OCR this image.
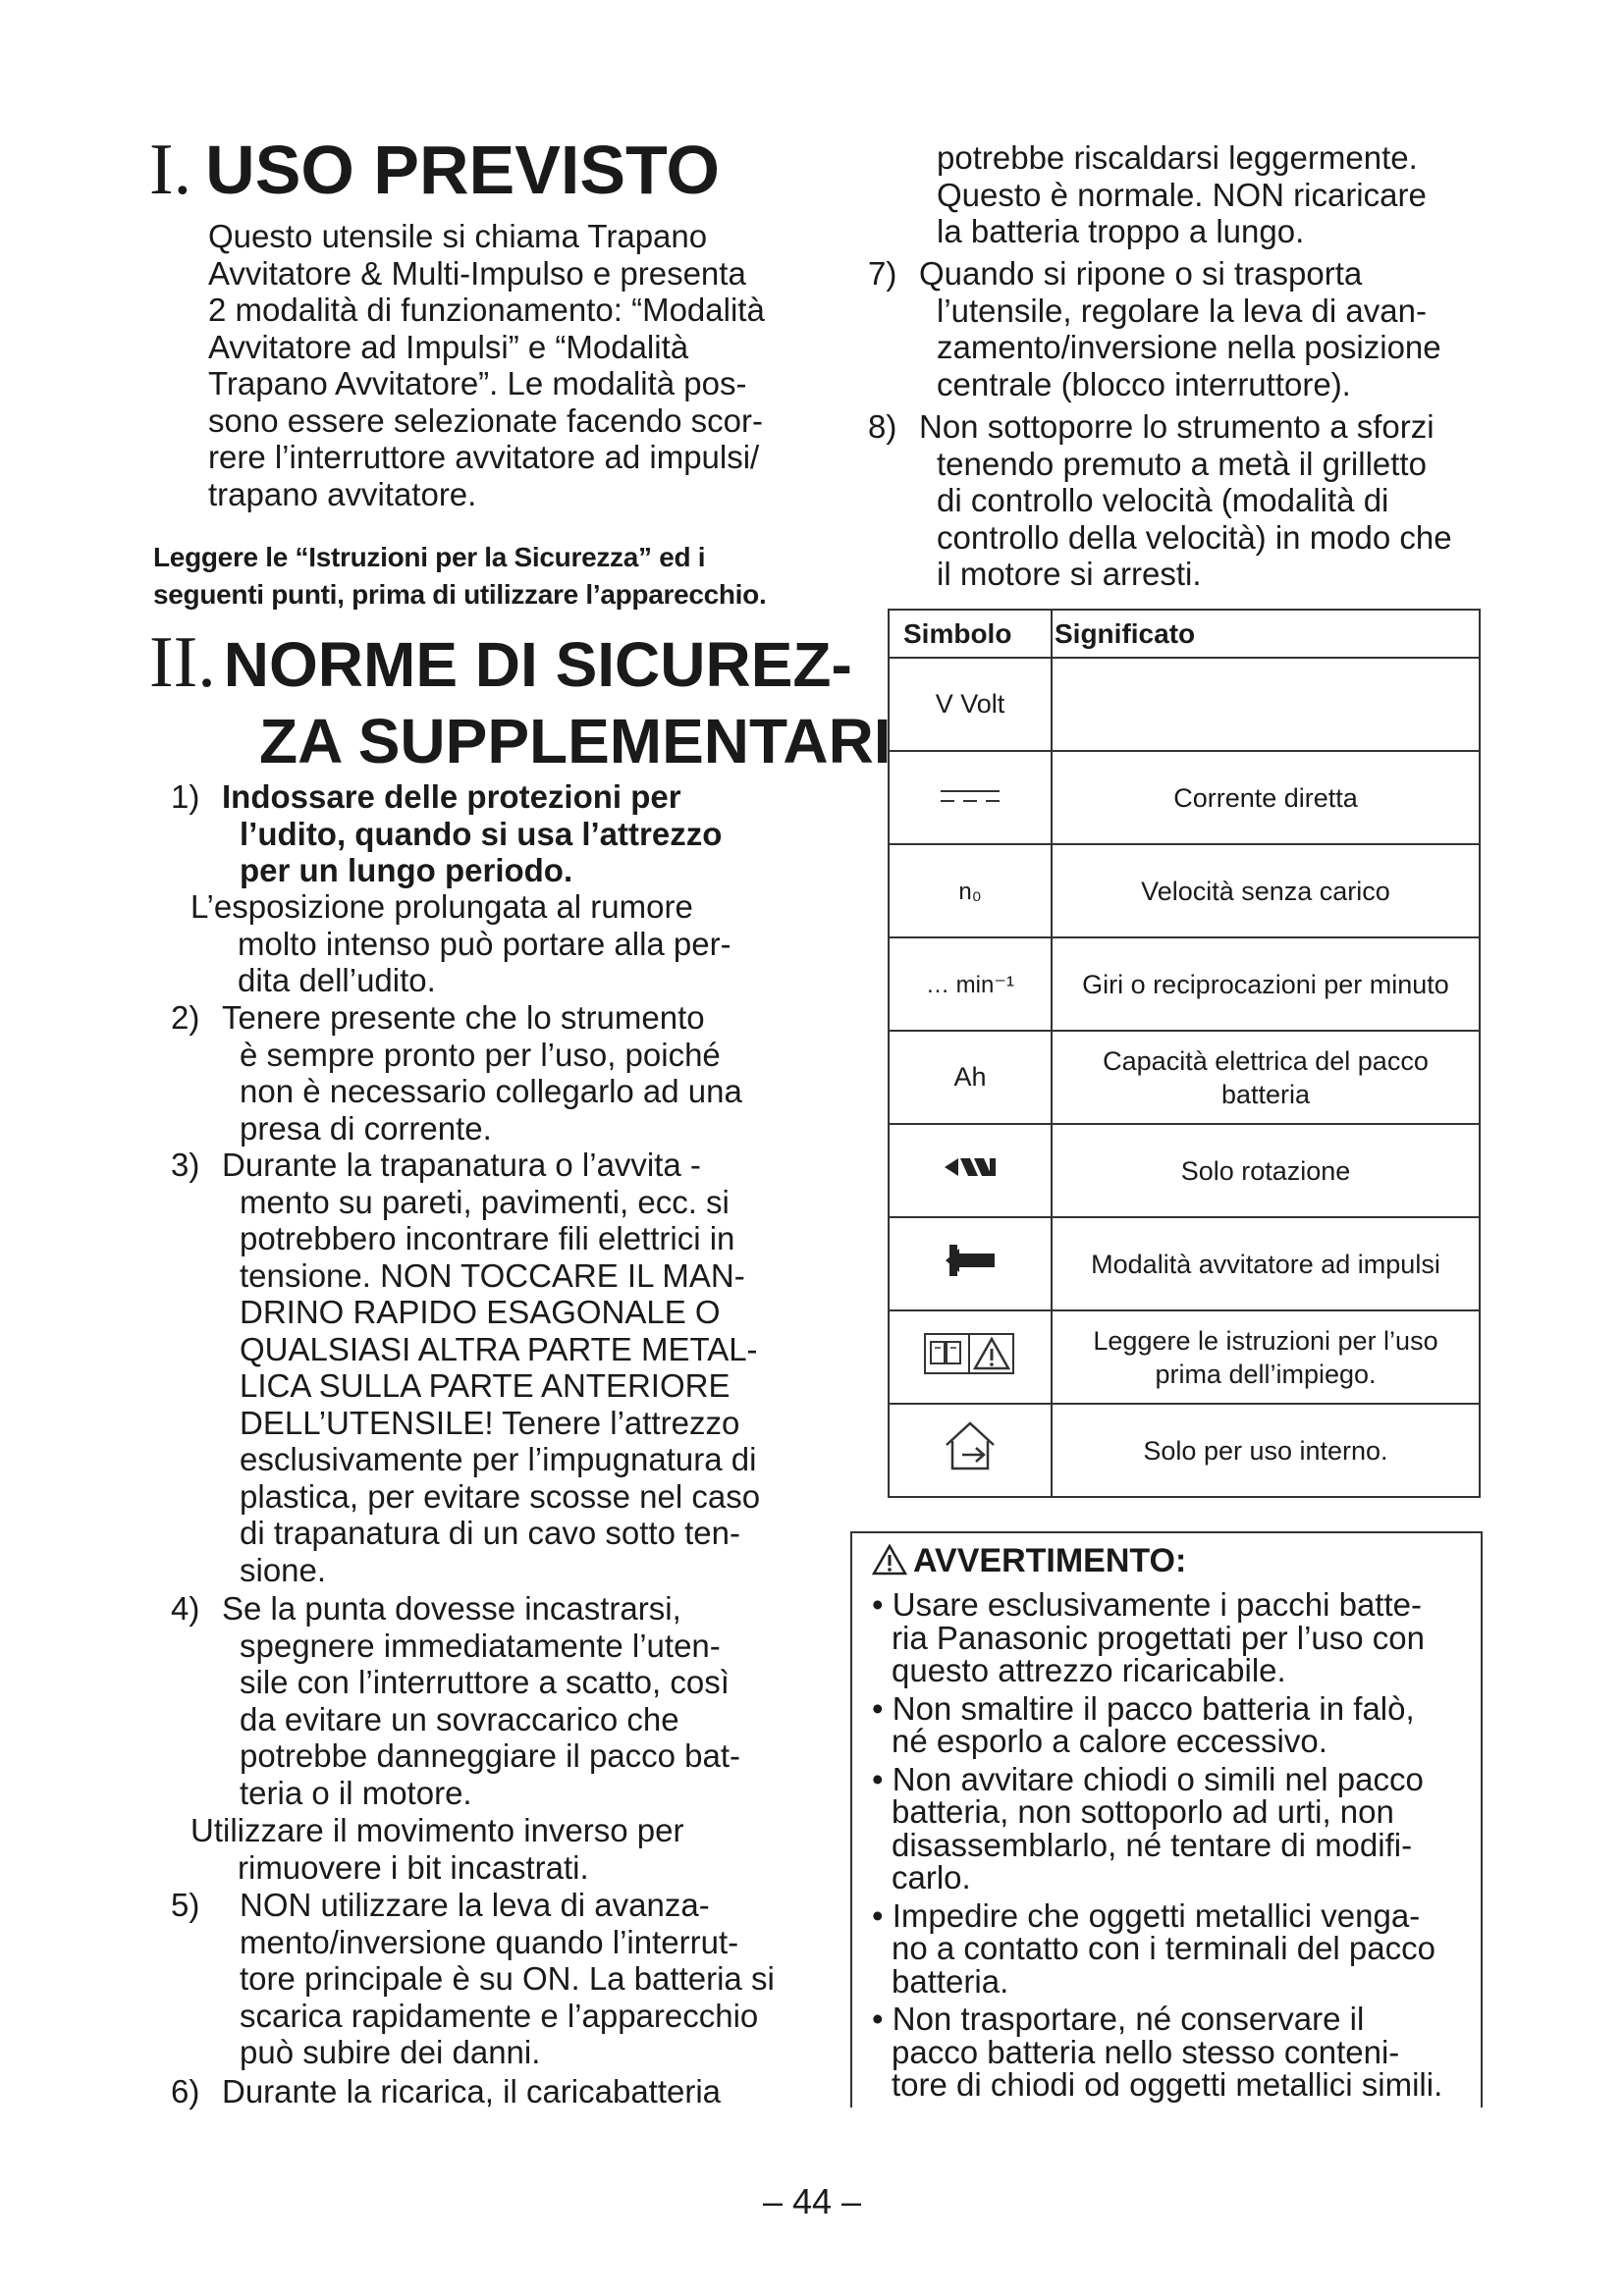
I. USO PREVISTO
Questo utensile si chiama Trapano
Avvitatore & Multi-Impulso e presenta
2 modalità di funzionamento: “Modalità
Avvitatore ad Impulsi” e “Modalità
Trapano Avvitatore”. Le modalità pos-
sono essere selezionate facendo scor-
rere l’interruttore avvitatore ad impulsi/
trapano avvitatore.
Leggere le “Istruzioni per la Sicurezza” ed i
seguenti punti, prima di utilizzare l’apparecchio.
II. NORME DI SICUREZ-
ZA SUPPLEMENTARI
1) Indossare delle protezioni per
l’udito, quando si usa l’attrezzo
per un lungo periodo.
L’esposizione prolungata al rumore
molto intenso può portare alla per-
dita dell’udito.
2) Tenere presente che lo strumento
è sempre pronto per l’uso, poiché
non è necessario collegarlo ad una
presa di corrente.
3) Durante la trapanatura o l’avvita -
mento su pareti, pavimenti, ecc. si
potrebbero incontrare fili elettrici in
tensione. NON TOCCARE IL MAN-
DRINO RAPIDO ESAGONALE O
QUALSIASI ALTRA PARTE METAL-
LICA SULLA PARTE ANTERIORE
DELL’UTENSILE! Tenere l’attrezzo
esclusivamente per l’impugnatura di
plastica, per evitare scosse nel caso
di trapanatura di un cavo sotto ten-
sione.
4) Se la punta dovesse incastrarsi,
spegnere immediatamente l’uten-
sile con l’interruttore a scatto, così
da evitare un sovraccarico che
potrebbe danneggiare il pacco bat-
teria o il motore.
Utilizzare il movimento inverso per
rimuovere i bit incastrati.
5) NON utilizzare la leva di avanza-
mento/inversione quando l’interrut-
tore principale è su ON. La batteria si
scarica rapidamente e l’apparecchio
può subire dei danni.
6) Durante la ricarica, il caricabatteria
potrebbe riscaldarsi leggermente.
Questo è normale. NON ricaricare
la batteria troppo a lungo.
7) Quando si ripone o si trasporta
l’utensile, regolare la leva di avan-
zamento/inversione nella posizione
centrale (blocco interruttore).
8) Non sottoporre lo strumento a sforzi
tenendo premuto a metà il grilletto
di controllo velocità (modalità di
controllo della velocità) in modo che
il motore si arresti.
Simbolo	Significato
V Volt	
	Corrente diretta
n₀	Velocità senza carico
… min⁻¹	Giri o reciprocazioni per minuto
Ah	Capacità elettrica del pacco batteria

	Solo rotazione
	Modalità avvitatore ad impulsi

Leggere le istruzioni per l’uso prima dell’impiego.

	Solo per uso interno.
AVVERTIMENTO:
• Usare esclusivamente i pacchi batte-
ria Panasonic progettati per l’uso con
questo attrezzo ricaricabile.
• Non smaltire il pacco batteria in falò,
né esporlo a calore eccessivo.
• Non avvitare chiodi o simili nel pacco
batteria, non sottoporlo ad urti, non
disassemblarlo, né tentare di modifi-
carlo.
• Impedire che oggetti metallici venga-
no a contatto con i terminali del pacco
batteria.
• Non trasportare, né conservare il
pacco batteria nello stesso conteni-
tore di chiodi od oggetti metallici simili.
– 44 –
